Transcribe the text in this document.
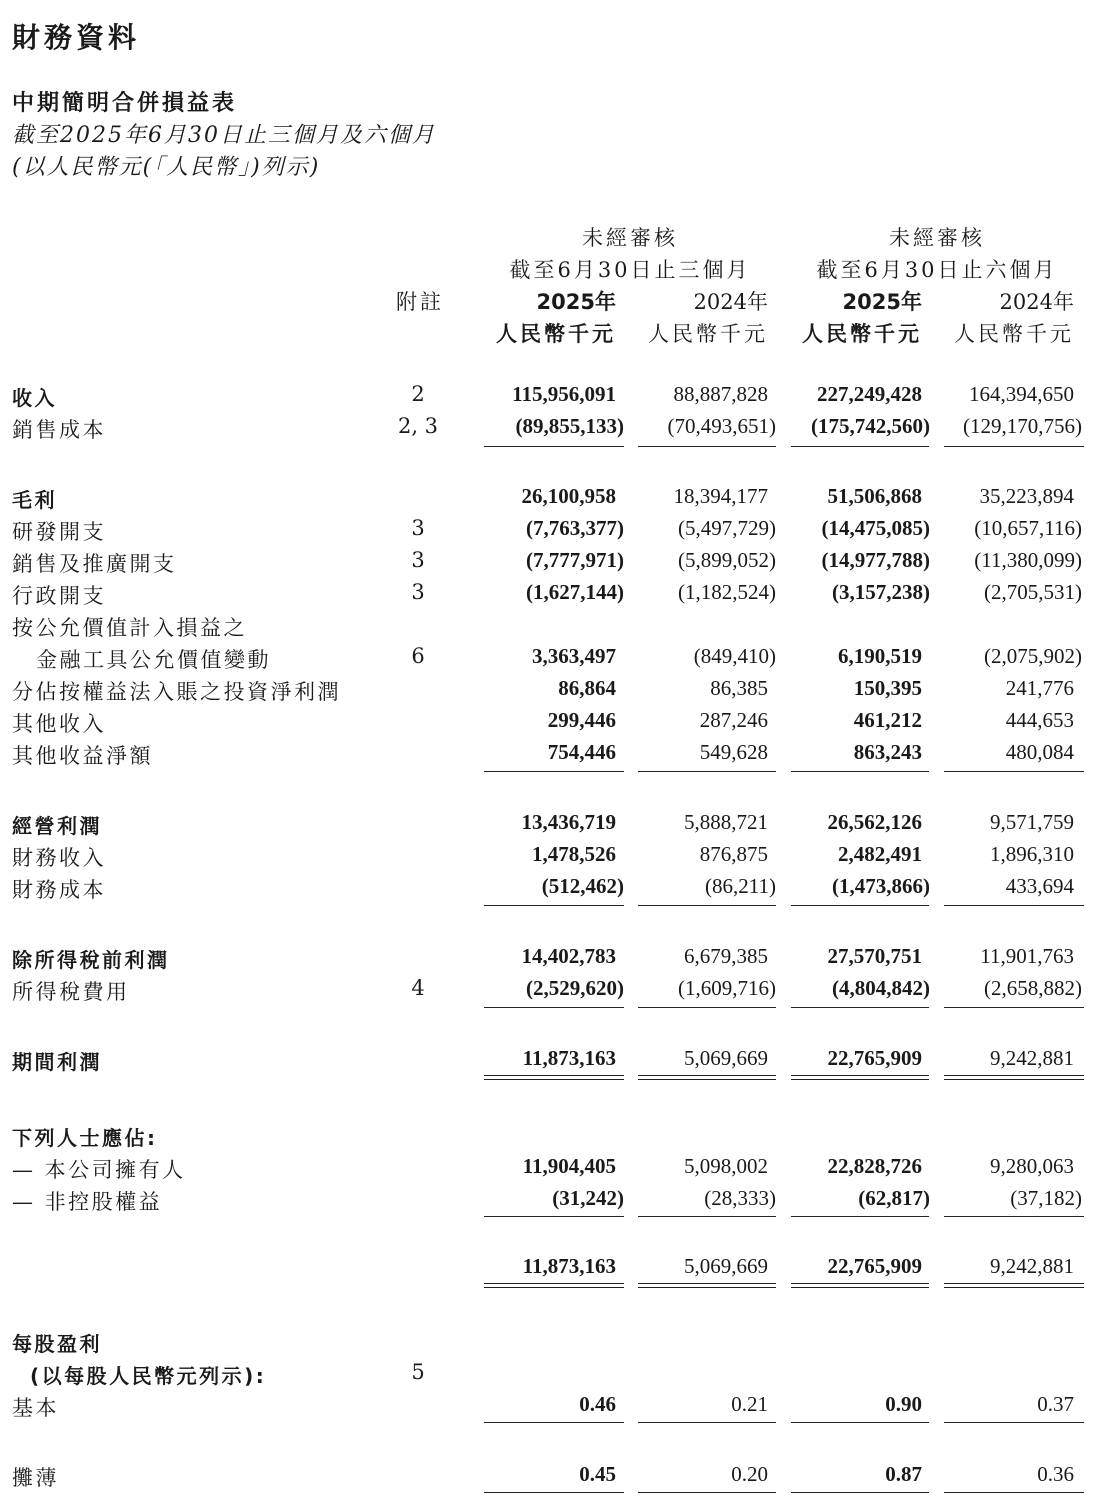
財務資料
中期簡明合併損益表
截至2025年6月30日止三個月及六個月
(以人民幣元(「人民幣」)列示)
未經審核
截至6月30日止三個月
未經審核
截至6月30日止六個月
附註	2025年	2024年	2025年	2024年
人民幣千元 人民幣千元 人民幣千元 人民幣千元
收入	2	115,956,091	88,887,828 227,249,428 164,394,650
銷售成本	2, 3	(89,855,133) (70,493,651) (175,742,560) (129,170,756)
毛利	26,100,958	18,394,177	51,506,868	35,223,894
研發開支	3	(7,763,377)	(5,497,729) (14,475,085) (10,657,116)
銷售及推廣開支	3	(7,777,971)	(5,899,052) (14,977,788) (11,380,099)
行政開支	3	(1,627,144)	(1,182,524)	(3,157,238)	(2,705,531)
按公允價值計入損益之
金融工具公允價值變動	6	3,363,497	(849,410)	6,190,519	(2,075,902)
分佔按權益法入賬之投資淨利潤	86,864	86,385	150,395	241,776
其他收入	299,446	287,246	461,212	444,653
其他收益淨額	754,446	549,628	863,243	480,084
經營利潤	13,436,719	5,888,721	26,562,126	9,571,759
財務收入	1,478,526	876,875	2,482,491	1,896,310
財務成本	(512,462)	(86,211)	(1,473,866)	433,694
除所得稅前利潤	14,402,783	6,679,385	27,570,751	11,901,763
所得稅費用	4	(2,529,620)	(1,609,716)	(4,804,842)	(2,658,882)
期間利潤	11,873,163	5,069,669	22,765,909	9,242,881
下列人士應佔:
— 本公司擁有人	11,904,405	5,098,002	22,828,726	9,280,063
— 非控股權益	(31,242)	(28,333)	(62,817)	(37,182)
11,873,163	5,069,669	22,765,909	9,242,881
每股盈利
(以每股人民幣元列示):	5
基本	0.46	0.21	0.90	0.37
攤薄	0.45	0.20	0.87	0.36
